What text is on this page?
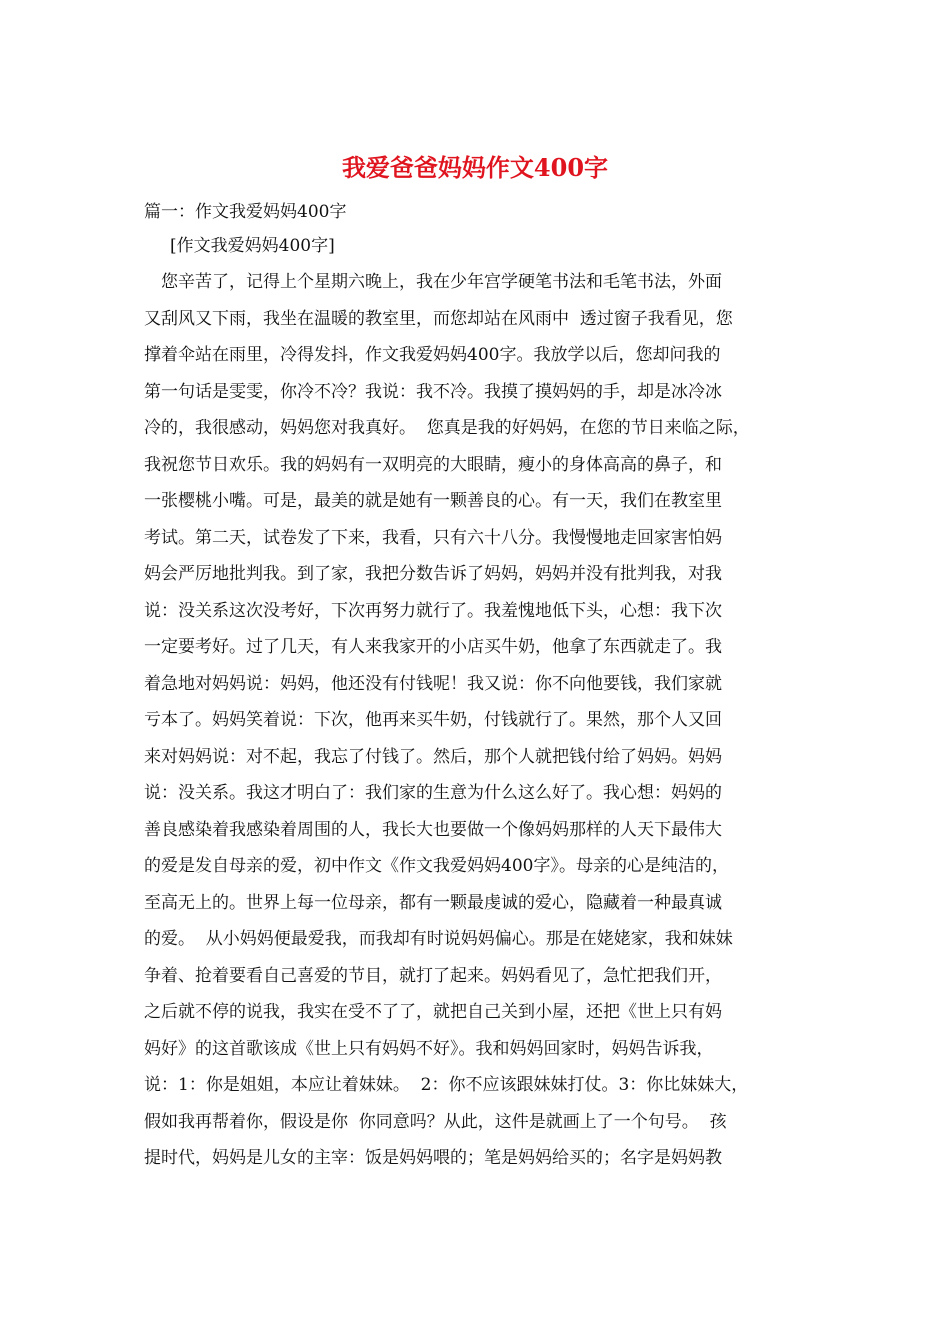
我爱爸爸妈妈作文400字

篇一：作文我爱妈妈400字

[作文我爱妈妈400字]

　您辛苦了，记得上个星期六晚上，我在少年宫学硬笔书法和毛笔书法，外面
又刮风又下雨，我坐在温暖的教室里，而您却站在风雨中  透过窗子我看见，您
撑着伞站在雨里，冷得发抖，作文我爱妈妈400字。我放学以后，您却问我的
第一句话是雯雯，你冷不冷？我说：我不冷。我摸了摸妈妈的手，却是冰冷冰
冷的，我很感动，妈妈您对我真好。  您真是我的好妈妈，在您的节日来临之际，
我祝您节日欢乐。我的妈妈有一双明亮的大眼睛，瘦小的身体高高的鼻子，和
一张樱桃小嘴。可是，最美的就是她有一颗善良的心。有一天，我们在教室里
考试。第二天，试卷发了下来，我看，只有六十八分。我慢慢地走回家害怕妈
妈会严厉地批判我。到了家，我把分数告诉了妈妈，妈妈并没有批判我，对我
说：没关系这次没考好，下次再努力就行了。我羞愧地低下头，心想：我下次
一定要考好。过了几天，有人来我家开的小店买牛奶，他拿了东西就走了。我
着急地对妈妈说：妈妈，他还没有付钱呢！我又说：你不向他要钱，我们家就
亏本了。妈妈笑着说：下次，他再来买牛奶，付钱就行了。果然，那个人又回
来对妈妈说：对不起，我忘了付钱了。然后，那个人就把钱付给了妈妈。妈妈
说：没关系。我这才明白了：我们家的生意为什么这么好了。我心想：妈妈的
善良感染着我感染着周围的人，我长大也要做一个像妈妈那样的人天下最伟大
的爱是发自母亲的爱，初中作文《作文我爱妈妈400字》。母亲的心是纯洁的，
至高无上的。世界上每一位母亲，都有一颗最虔诚的爱心，隐藏着一种最真诚
的爱。  从小妈妈便最爱我，而我却有时说妈妈偏心。那是在姥姥家，我和妹妹
争着、抢着要看自己喜爱的节目，就打了起来。妈妈看见了，急忙把我们开，
之后就不停的说我，我实在受不了了，就把自己关到小屋，还把《世上只有妈
妈好》的这首歌该成《世上只有妈妈不好》。我和妈妈回家时，妈妈告诉我，
说：1：你是姐姐，本应让着妹妹。  2：你不应该跟妹妹打仗。3：你比妹妹大，
假如我再帮着你，假设是你  你同意吗？从此，这件是就画上了一个句号。  孩
提时代，妈妈是儿女的主宰：饭是妈妈喂的；笔是妈妈给买的；名字是妈妈教
